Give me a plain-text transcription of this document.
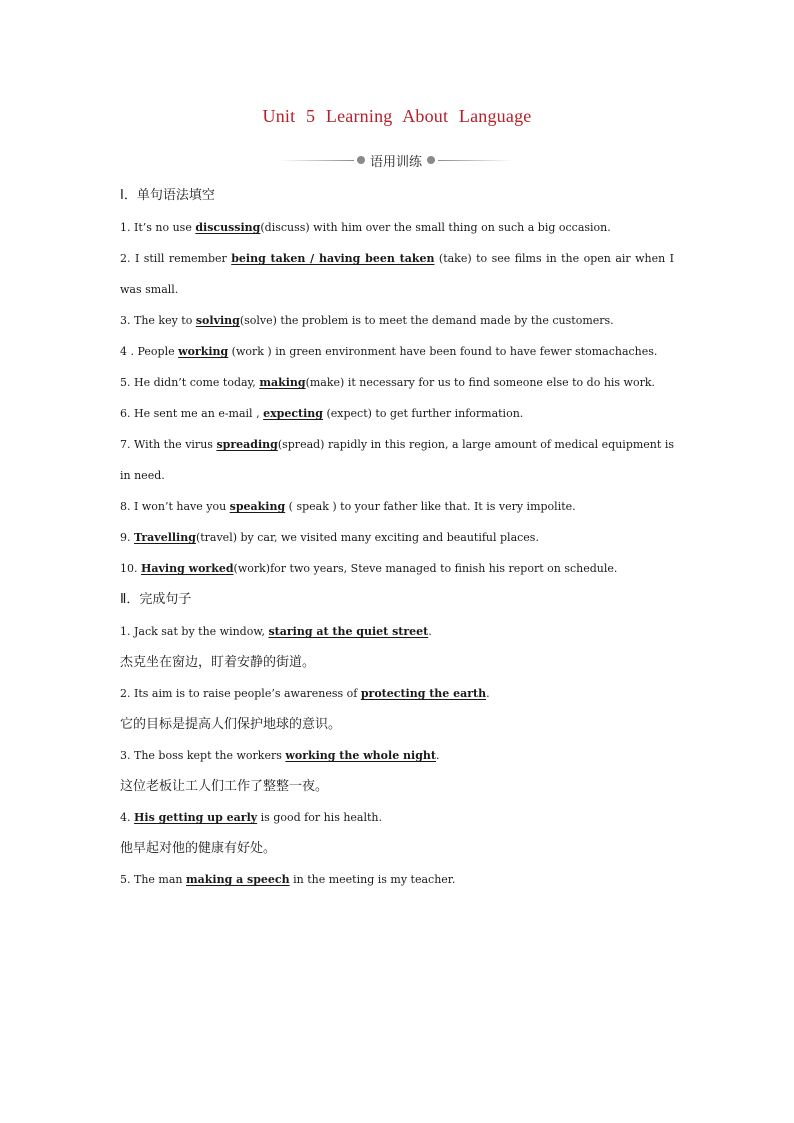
Unit 5 Learning About Language
语用训练
Ⅰ．单句语法填空

1. It’s no use discussing(discuss) with him over the small thing on such a big occasion.

2. I still remember being taken / having been taken (take) to see films in the open air when I was small.

3. The key to solving(solve) the problem is to meet the demand made by the customers.

4 . People working (work ) in green environment have been found to have fewer stomachaches.

5. He didn’t come today, making(make) it necessary for us to find someone else to do his work.

6. He sent me an e-mail , expecting (expect) to get further information.

7. With the virus spreading(spread) rapidly in this region, a large amount of medical equipment is in need.

8. I won’t have you speaking ( speak ) to your father like that. It is very impolite.

9. Travelling(travel) by car, we visited many exciting and beautiful places.

10. Having worked(work)for two years, Steve managed to finish his report on schedule.

Ⅱ．完成句子

1. Jack sat by the window, staring at the quiet street.

杰克坐在窗边，盯着安静的街道。

2. Its aim is to raise people’s awareness of protecting the earth.

它的目标是提高人们保护地球的意识。

3. The boss kept the workers working the whole night.

这位老板让工人们工作了整整一夜。

4. His getting up early is good for his health.

他早起对他的健康有好处。

5. The man making a speech in the meeting is my teacher.
